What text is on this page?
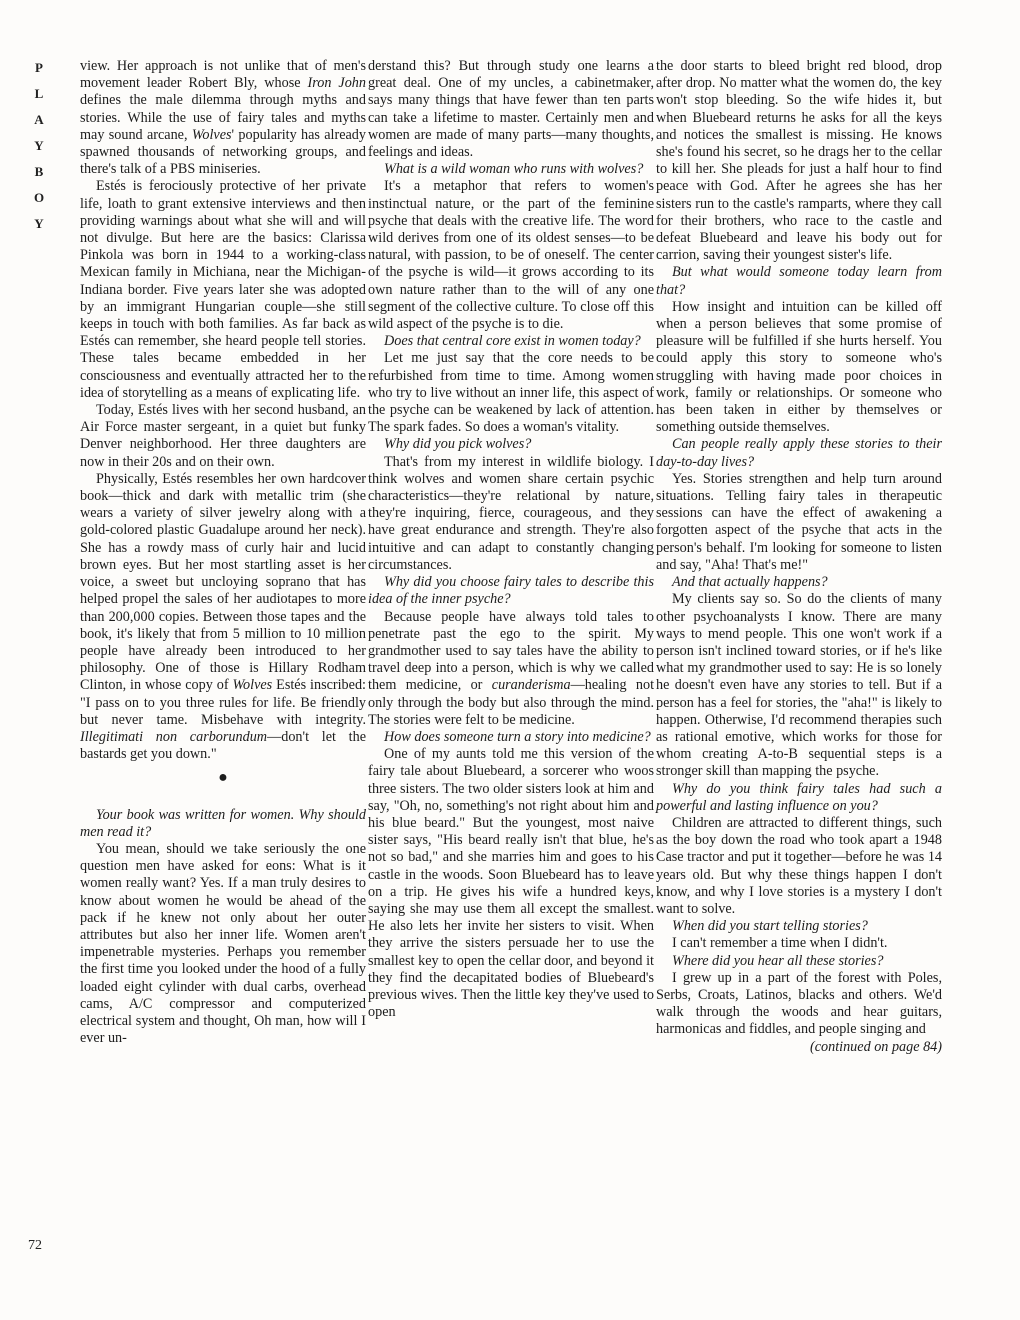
P
L
A
Y
B
O
Y

view. Her approach is not unlike that of men's movement leader Robert Bly, whose Iron John defines the male dilemma through myths and stories. While the use of fairy tales and myths may sound arcane, Wolves' popularity has already spawned thousands of networking groups, and there's talk of a PBS miniseries.

Estés is ferociously protective of her private life, loath to grant extensive interviews and then providing warnings about what she will and will not divulge. But here are the basics: Clarissa Pinkola was born in 1944 to a working-class Mexican family in Michiana, near the Michigan-Indiana border. Five years later she was adopted by an immigrant Hungarian couple—she still keeps in touch with both families. As far back as Estés can remember, she heard people tell stories. These tales became embedded in her consciousness and eventually attracted her to the idea of storytelling as a means of explicating life.

Today, Estés lives with her second husband, an Air Force master sergeant, in a quiet but funky Denver neighborhood. Her three daughters are now in their 20s and on their own.

Physically, Estés resembles her own hardcover book—thick and dark with metallic trim (she wears a variety of silver jewelry along with a gold-colored plastic Guadalupe around her neck). She has a rowdy mass of curly hair and lucid brown eyes. But her most startling asset is her voice, a sweet but uncloying soprano that has helped propel the sales of her audiotapes to more than 200,000 copies. Between those tapes and the book, it's likely that from 5 million to 10 million people have already been introduced to her philosophy. One of those is Hillary Rodham Clinton, in whose copy of Wolves Estés inscribed: "I pass on to you three rules for life. Be friendly but never tame. Misbehave with integrity. Illegitimati non carborundum—don't let the bastards get you down."

●

Your book was written for women. Why should men read it?

You mean, should we take seriously the one question men have asked for eons: What is it women really want? Yes. If a man truly desires to know about women he would be ahead of the pack if he knew not only about her outer attributes but also her inner life. Women aren't impenetrable mysteries. Perhaps you remember the first time you looked under the hood of a fully loaded eight cylinder with dual carbs, overhead cams, A/C compressor and computerized electrical system and thought, Oh man, how will I ever un-

derstand this? But through study one learns a great deal. One of my uncles, a cabinetmaker, says many things that have fewer than ten parts can take a lifetime to master. Certainly men and women are made of many parts—many thoughts, feelings and ideas.

What is a wild woman who runs with wolves?

It's a metaphor that refers to women's instinctual nature, or the part of the feminine psyche that deals with the creative life. The word wild derives from one of its oldest senses—to be natural, with passion, to be of oneself. The center of the psyche is wild—it grows according to its own nature rather than to the will of any one segment of the collective culture. To close off this wild aspect of the psyche is to die.

Does that central core exist in women today?

Let me just say that the core needs to be refurbished from time to time. Among women who try to live without an inner life, this aspect of the psyche can be weakened by lack of attention. The spark fades. So does a woman's vitality.

Why did you pick wolves?

That's from my interest in wildlife biology. I think wolves and women share certain psychic characteristics—they're relational by nature, they're inquiring, fierce, courageous, and they have great endurance and strength. They're also intuitive and can adapt to constantly changing circumstances.

Why did you choose fairy tales to describe this idea of the inner psyche?

Because people have always told tales to penetrate past the ego to the spirit. My grandmother used to say tales have the ability to travel deep into a person, which is why we called them medicine, or curanderisma—healing not only through the body but also through the mind. The stories were felt to be medicine.

How does someone turn a story into medicine?

One of my aunts told me this version of the fairy tale about Bluebeard, a sorcerer who woos three sisters. The two older sisters look at him and say, "Oh, no, something's not right about him and his blue beard." But the youngest, most naive sister says, "His beard really isn't that blue, he's not so bad," and she marries him and goes to his castle in the woods. Soon Bluebeard has to leave on a trip. He gives his wife a hundred keys, saying she may use them all except the smallest. He also lets her invite her sisters to visit. When they arrive the sisters persuade her to use the smallest key to open the cellar door, and beyond it they find the decapitated bodies of Bluebeard's previous wives. Then the little key they've used to open

the door starts to bleed bright red blood, drop after drop. No matter what the women do, the key won't stop bleeding. So the wife hides it, but when Bluebeard returns he asks for all the keys and notices the smallest is missing. He knows she's found his secret, so he drags her to the cellar to kill her. She pleads for just a half hour to find peace with God. After he agrees she has her sisters run to the castle's ramparts, where they call for their brothers, who race to the castle and defeat Bluebeard and leave his body out for carrion, saving their youngest sister's life.

But what would someone today learn from that?

How insight and intuition can be killed off when a person believes that some promise of pleasure will be fulfilled if she hurts herself. You could apply this story to someone who's struggling with having made poor choices in work, family or relationships. Or someone who has been taken in either by themselves or something outside themselves.

Can people really apply these stories to their day-to-day lives?

Yes. Stories strengthen and help turn around situations. Telling fairy tales in therapeutic sessions can have the effect of awakening a forgotten aspect of the psyche that acts in the person's behalf. I'm looking for someone to listen and say, "Aha! That's me!"

And that actually happens?

My clients say so. So do the clients of many other psychoanalysts I know. There are many ways to mend people. This one won't work if a person isn't inclined toward stories, or if he's like what my grandmother used to say: He is so lonely he doesn't even have any stories to tell. But if a person has a feel for stories, the "aha!" is likely to happen. Otherwise, I'd recommend therapies such as rational emotive, which works for those for whom creating A-to-B sequential steps is a stronger skill than mapping the psyche.

Why do you think fairy tales had such a powerful and lasting influence on you?

Children are attracted to different things, such as the boy down the road who took apart a 1948 Case tractor and put it together—before he was 14 years old. But why these things happen I don't know, and why I love stories is a mystery I don't want to solve.

When did you start telling stories?

I can't remember a time when I didn't.

Where did you hear all these stories?

I grew up in a part of the forest with Poles, Serbs, Croats, Latinos, blacks and others. We'd walk through the woods and hear guitars, harmonicas and fiddles, and people singing and

(continued on page 84)

72
